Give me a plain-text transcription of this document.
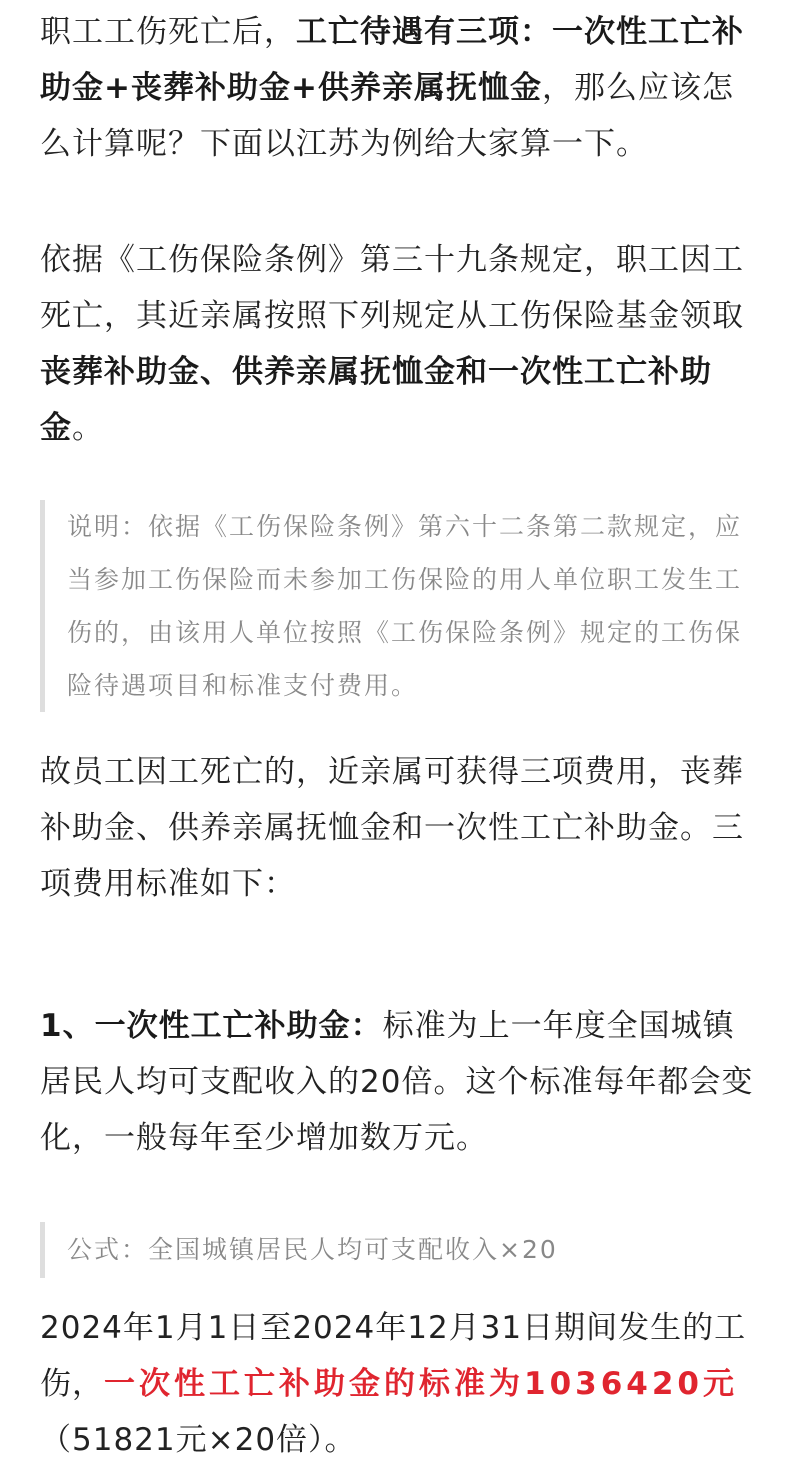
职工工伤死亡后，工亡待遇有三项：一次性工亡补助金+丧葬补助金+供养亲属抚恤金，那么应该怎么计算呢？下面以江苏为例给大家算一下。

依据《工伤保险条例》第三十九条规定，职工因工死亡，其近亲属按照下列规定从工伤保险基金领取丧葬补助金、供养亲属抚恤金和一次性工亡补助金。

说明：依据《工伤保险条例》第六十二条第二款规定，应当参加工伤保险而未参加工伤保险的用人单位职工发生工伤的，由该用人单位按照《工伤保险条例》规定的工伤保险待遇项目和标准支付费用。

故员工因工死亡的，近亲属可获得三项费用，丧葬补助金、供养亲属抚恤金和一次性工亡补助金。三项费用标准如下：

1、一次性工亡补助金：标准为上一年度全国城镇居民人均可支配收入的20倍。这个标准每年都会变化，一般每年至少增加数万元。

公式：全国城镇居民人均可支配收入×20

2024年1月1日至2024年12月31日期间发生的工伤，一次性工亡补助金的标准为1036420元（51821元×20倍）。
